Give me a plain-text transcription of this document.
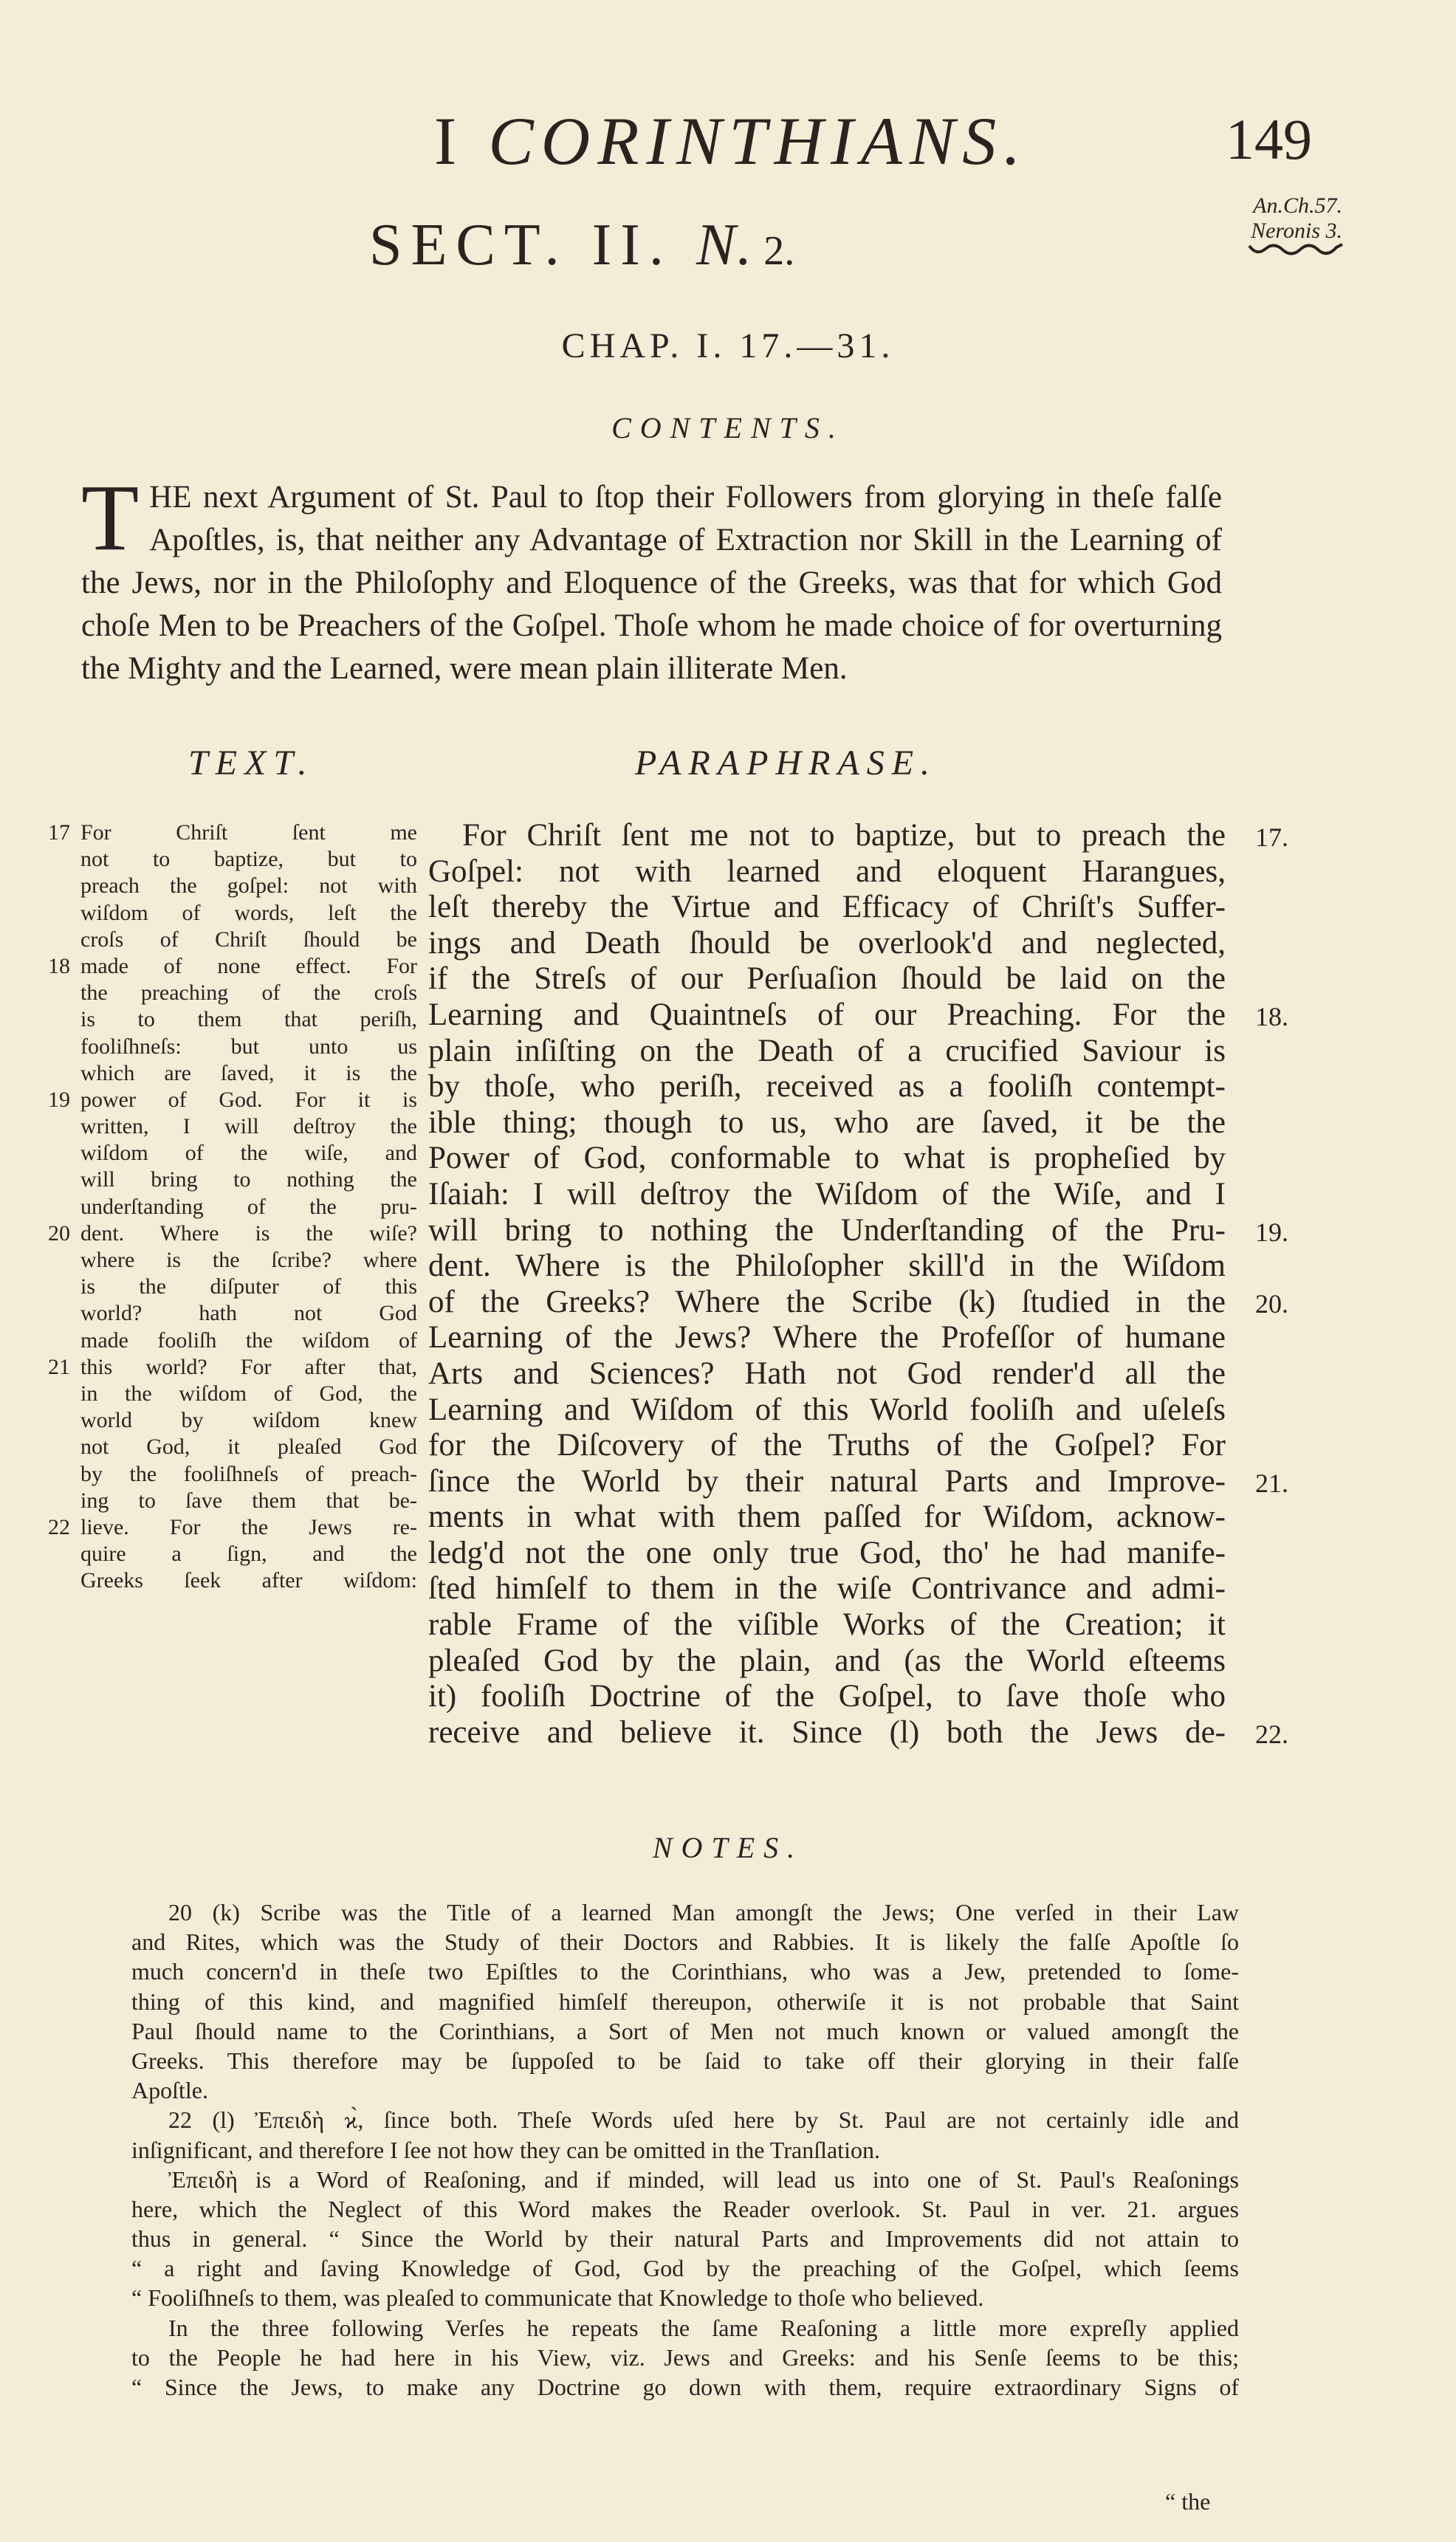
I CORINTHIANS.	149
An.Ch.57.
Neronis 3.
SECT. II. N. 2.
CHAP. I. 17.—31.
CONTENTS.
THE next Argument of St. Paul to ſtop their Followers from glorying in theſe falſe Apoſtles, is, that neither any Advantage of Extraction nor Skill in the Learning of the Jews, nor in the Philoſophy and Eloquence of the Greeks, was that for which God choſe Men to be Preachers of the Goſpel. Thoſe whom he made choice of for overturning the Mighty and the Learned, were mean plain illiterate Men.
TEXT.	PARAPHRASE.
17 For Chriſt ſent me
not to baptize, but to
preach the goſpel: not with
wiſdom of words, leſt the
croſs of Chriſt ſhould be
18 made of none effect. For
the preaching of the croſs
is to them that periſh,
fooliſhneſs: but unto us
which are ſaved, it is the
19 power of God. For it is
written, I will deſtroy the
wiſdom of the wiſe, and
will bring to nothing the
underſtanding of the pru-
20 dent. Where is the wiſe?
where is the ſcribe? where
is the diſputer of this
world? hath not God
made fooliſh the wiſdom of
21 this world? For after that,
in the wiſdom of God, the
world by wiſdom knew
not God, it pleaſed God
by the fooliſhneſs of preach-
ing to ſave them that be-
22 lieve. For the Jews re-
quire a ſign, and the
Greeks ſeek after wiſdom:
For Chriſt ſent me not to baptize, but to preach the
Goſpel: not with learned and eloquent Harangues,
leſt thereby the Virtue and Efficacy of Chriſt's Suffer-
ings and Death ſhould be overlook'd and neglected,
if the Streſs of our Perſuaſion ſhould be laid on the
Learning and Quaintneſs of our Preaching. For the
plain inſiſting on the Death of a crucified Saviour is
by thoſe, who periſh, received as a fooliſh contempt-
ible thing; though to us, who are ſaved, it be the
Power of God, conformable to what is propheſied by
Iſaiah: I will deſtroy the Wiſdom of the Wiſe, and I
will bring to nothing the Underſtanding of the Pru-
dent. Where is the Philoſopher skill'd in the Wiſdom
of the Greeks? Where the Scribe (k) ſtudied in the
Learning of the Jews? Where the Profeſſor of humane
Arts and Sciences? Hath not God render'd all the
Learning and Wiſdom of this World fooliſh and uſeleſs
for the Diſcovery of the Truths of the Goſpel? For
ſince the World by their natural Parts and Improve-
ments in what with them paſſed for Wiſdom, acknow-
ledg'd not the one only true God, tho' he had manife-
ſted himſelf to them in the wiſe Contrivance and admi-
rable Frame of the viſible Works of the Creation; it
pleaſed God by the plain, and (as the World eſteems
it) fooliſh Doctrine of the Goſpel, to ſave thoſe who
receive and believe it. Since (l) both the Jews de-
17.
18.
19.
20.
21.
22.
NOTES.
20 (k) Scribe was the Title of a learned Man amongſt the Jews; One verſed in their Law
and Rites, which was the Study of their Doctors and Rabbies. It is likely the falſe Apoſtle ſo
much concern'd in theſe two Epiſtles to the Corinthians, who was a Jew, pretended to ſome-
thing of this kind, and magnified himſelf thereupon, otherwiſe it is not probable that Saint
Paul ſhould name to the Corinthians, a Sort of Men not much known or valued amongſt the
Greeks. This therefore may be ſuppoſed to be ſaid to take off their glorying in their falſe
Apoſtle.
22 (l) Ἐπειδὴ ϰ̀, ſince both. Theſe Words uſed here by St. Paul are not certainly idle and
inſignificant, and therefore I ſee not how they can be omitted in the Tranſlation.
Ἐπειδὴ is a Word of Reaſoning, and if minded, will lead us into one of St. Paul's Reaſonings
here, which the Neglect of this Word makes the Reader overlook. St. Paul in ver. 21. argues
thus in general. “ Since the World by their natural Parts and Improvements did not attain to
“ a right and ſaving Knowledge of God, God by the preaching of the Goſpel, which ſeems
“ Fooliſhneſs to them, was pleaſed to communicate that Knowledge to thoſe who believed.
In the three following Verſes he repeats the ſame Reaſoning a little more expreſly applied
to the People he had here in his View, viz. Jews and Greeks: and his Senſe ſeems to be this;
“ Since the Jews, to make any Doctrine go down with them, require extraordinary Signs of
“ the
